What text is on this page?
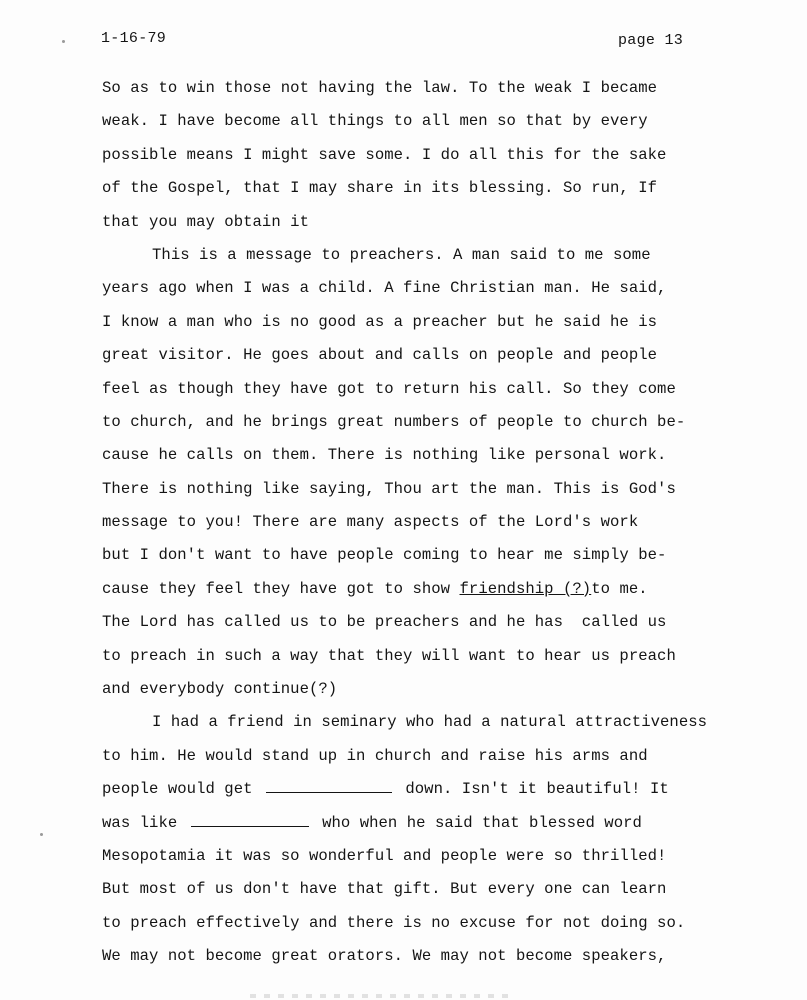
1-16-79	page 13
So as to win those not having the law. To the weak I became
weak. I have become all things to all men so that by every
possible means I might save some. I do all this for the sake
of the Gospel, that I may share in its blessing. So run, If
that you may obtain it
This is a message to preachers. A man said to me some
years ago when I was a child. A fine Christian man. He said,
I know a man who is no good as a preacher but he said he is
great visitor. He goes about and calls on people and people
feel as though they have got to return his call. So they come
to church, and he brings great numbers of people to church be-
cause he calls on them. There is nothing like personal work.
There is nothing like saying, Thou art the man. This is God's
message to you! There are many aspects of the Lord's work
but I don't want to have people coming to hear me simply be-
cause they feel they have got to show friendship (?)to me.
The Lord has called us to be preachers and he has  called us
to preach in such a way that they will want to hear us preach
and everybody continue(?)
I had a friend in seminary who had a natural attractiveness
to him. He would stand up in church and raise his arms and
people would get	down. Isn't it beautiful! It
was like	who when he said that blessed word
Mesopotamia it was so wonderful and people were so thrilled!
But most of us don't have that gift. But every one can learn
to preach effectively and there is no excuse for not doing so.
We may not become great orators. We may not become speakers,
